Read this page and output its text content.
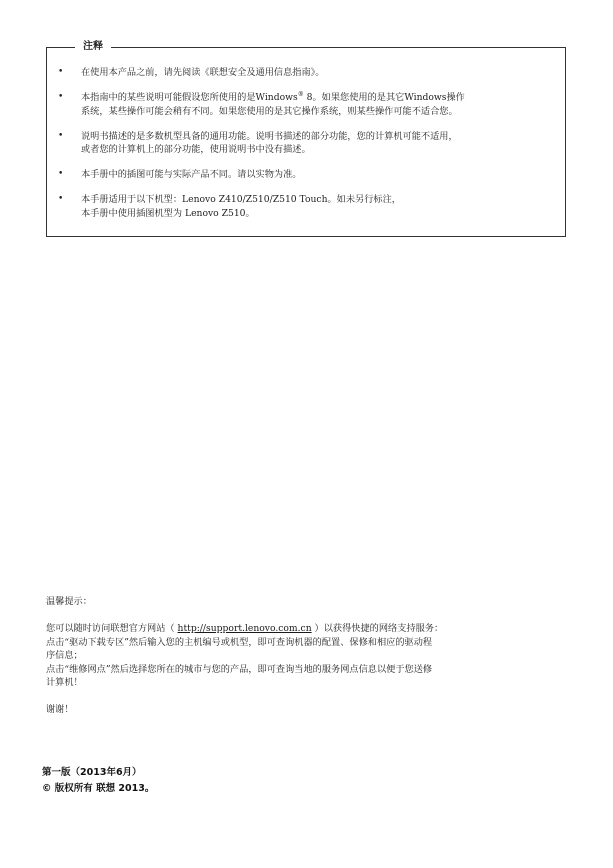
注释
• 在使用本产品之前，请先阅读《联想安全及通用信息指南》。
• 本指南中的某些说明可能假设您所使用的是Windows® 8。如果您使用的是其它Windows操作
系统，某些操作可能会稍有不同。如果您使用的是其它操作系统，则某些操作可能不适合您。
• 说明书描述的是多数机型具备的通用功能。说明书描述的部分功能，您的计算机可能不适用，
或者您的计算机上的部分功能，使用说明书中没有描述。
• 本手册中的插图可能与实际产品不同。请以实物为准。
• 本手册适用于以下机型：Lenovo Z410/Z510/Z510 Touch。如未另行标注，
本手册中使用插图机型为 Lenovo Z510。
温馨提示：
您可以随时访问联想官方网站（ http://support.lenovo.com.cn ）以获得快捷的网络支持服务：
点击“驱动下载专区”然后输入您的主机编号或机型，即可查询机器的配置、保修和相应的驱动程
序信息；
点击“维修网点”然后选择您所在的城市与您的产品，即可查询当地的服务网点信息以便于您送修
计算机！
谢谢！
第一版（2013年6月）
© 版权所有 联想 2013。
